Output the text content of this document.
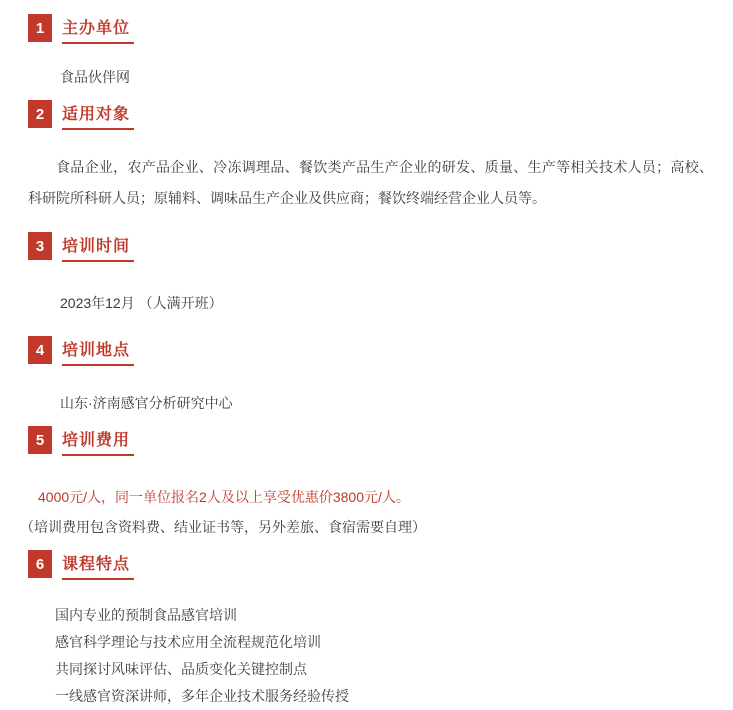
1	主办单位
食品伙伴网
2	适用对象
食品企业，农产品企业、冷冻调理品、餐饮类产品生产企业的研发、质量、生产等相关技术人员；高校、科研院所科研人员；原辅料、调味品生产企业及供应商；餐饮终端经营企业人员等。
3	培训时间
2023年12月 （人满开班）
4	培训地点
山东·济南感官分析研究中心
5	培训费用
4000元/人，同一单位报名2人及以上享受优惠价3800元/人。
（培训费用包含资料费、结业证书等，另外差旅、食宿需要自理）
6	课程特点
国内专业的预制食品感官培训
感官科学理论与技术应用全流程规范化培训
共同探讨风味评估、品质变化关键控制点
一线感官资深讲师，多年企业技术服务经验传授
